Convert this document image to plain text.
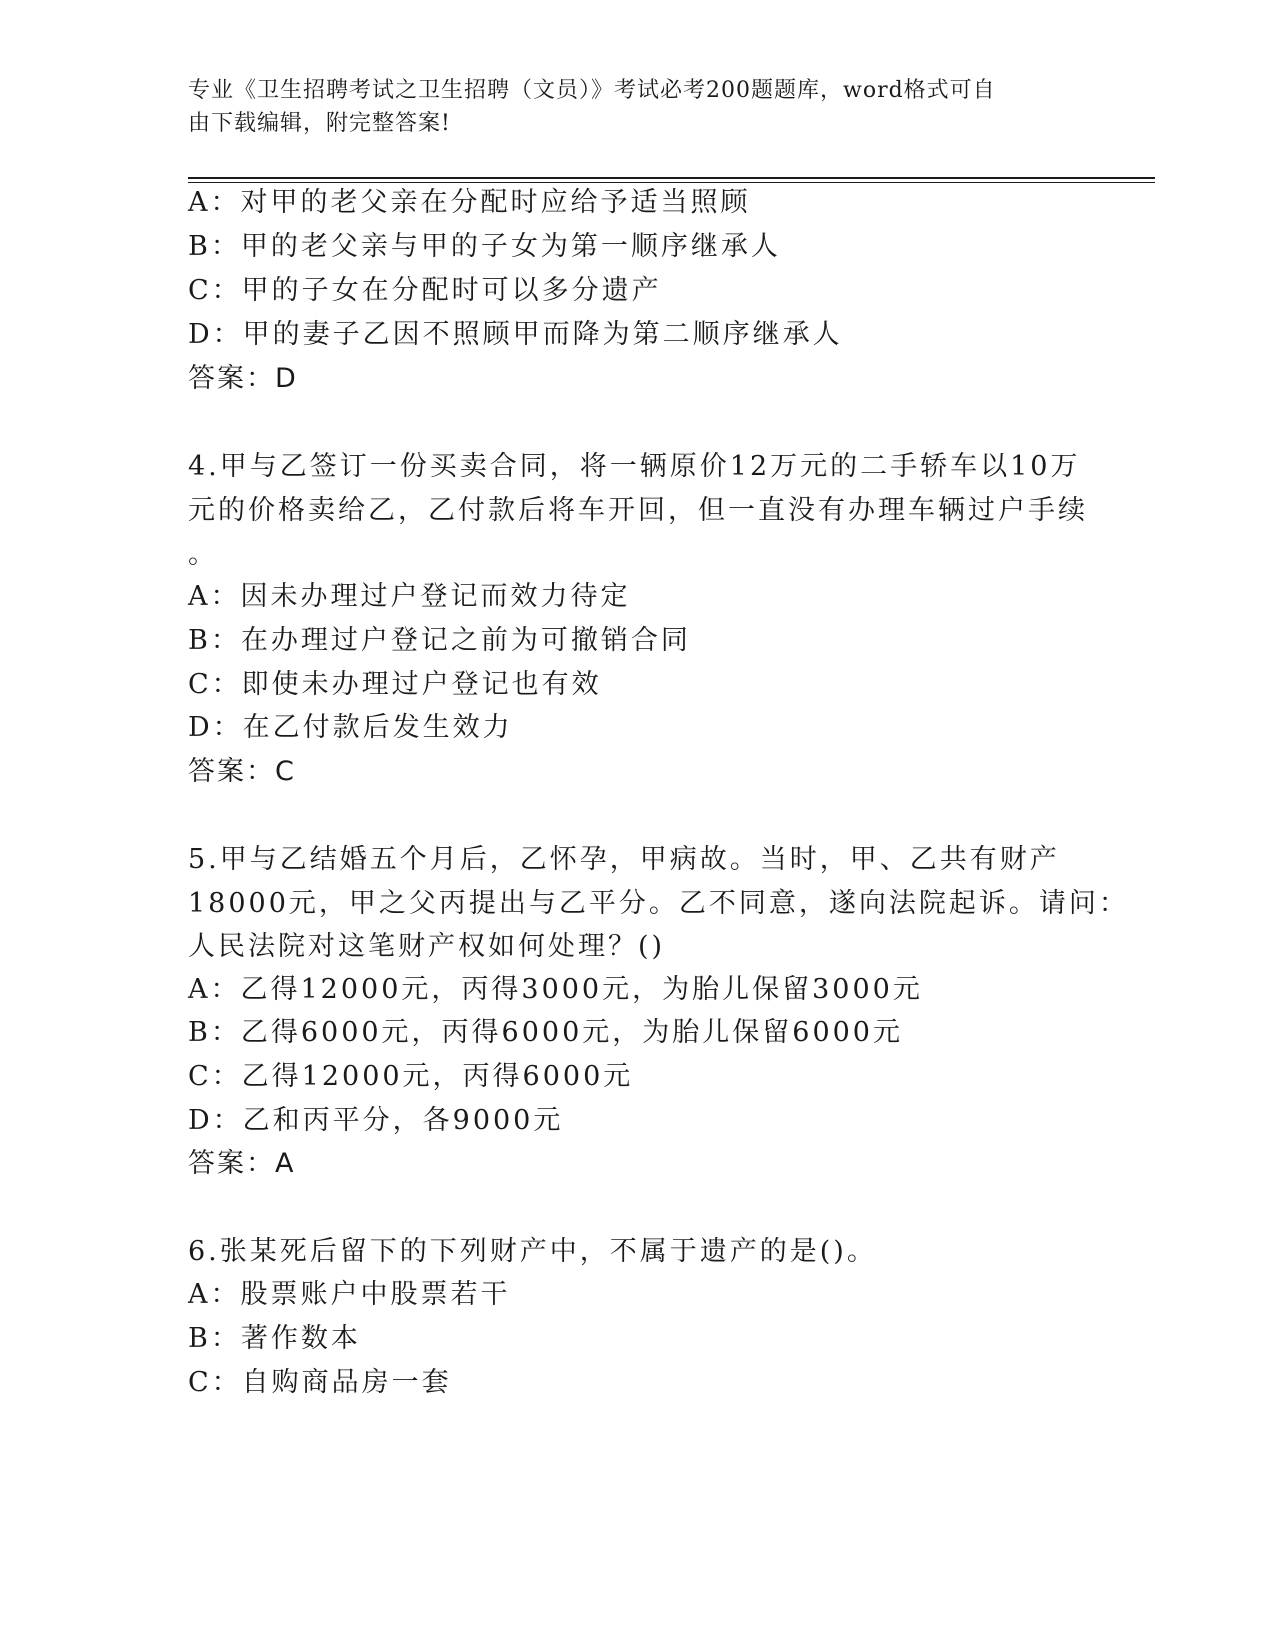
专业《卫生招聘考试之卫生招聘（文员）》考试必考200题题库，word格式可自
由下载编辑，附完整答案!
A：对甲的老父亲在分配时应给予适当照顾
B：甲的老父亲与甲的子女为第一顺序继承人
C：甲的子女在分配时可以多分遗产
D：甲的妻子乙因不照顾甲而降为第二顺序继承人
答案：D
4.甲与乙签订一份买卖合同，将一辆原价12万元的二手轿车以10万
元的价格卖给乙，乙付款后将车开回，但一直没有办理车辆过户手续
。
A：因未办理过户登记而效力待定
B：在办理过户登记之前为可撤销合同
C：即使未办理过户登记也有效
D：在乙付款后发生效力
答案：C
5.甲与乙结婚五个月后，乙怀孕，甲病故。当时，甲、乙共有财产
18000元，甲之父丙提出与乙平分。乙不同意，遂向法院起诉。请问：
人民法院对这笔财产权如何处理？()
A：乙得12000元，丙得3000元，为胎儿保留3000元
B：乙得6000元，丙得6000元，为胎儿保留6000元
C：乙得12000元，丙得6000元
D：乙和丙平分，各9000元
答案：A
6.张某死后留下的下列财产中，不属于遗产的是()。
A：股票账户中股票若干
B：著作数本
C：自购商品房一套
